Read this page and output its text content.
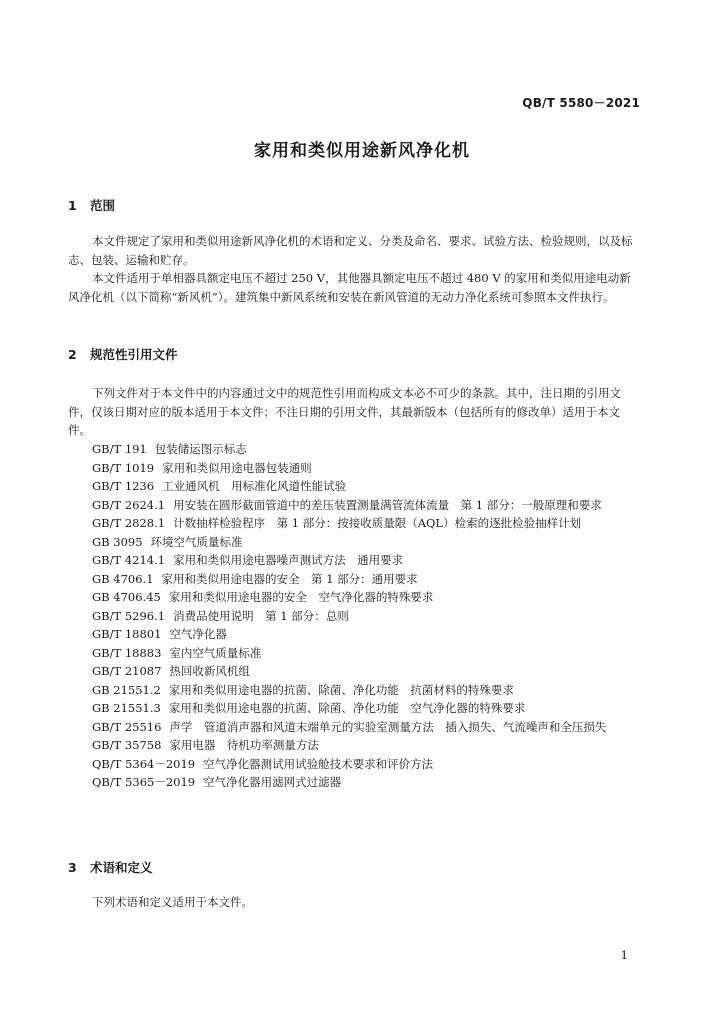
QB/T 5580－2021
家用和类似用途新风净化机
1 范围
本文件规定了家用和类似用途新风净化机的术语和定义、分类及命名、要求、试验方法、检验规则，以及标志、包装、运输和贮存。
本文件适用于单相器具额定电压不超过 250 V，其他器具额定电压不超过 480 V 的家用和类似用途电动新风净化机（以下简称“新风机”）。建筑集中新风系统和安装在新风管道的无动力净化系统可参照本文件执行。
2 规范性引用文件
下列文件对于本文件中的内容通过文中的规范性引用而构成文本必不可少的条款。其中，注日期的引用文件，仅该日期对应的版本适用于本文件；不注日期的引用文件，其最新版本（包括所有的修改单）适用于本文件。
GB/T 191 包装储运图示标志
GB/T 1019 家用和类似用途电器包装通则
GB/T 1236 工业通风机　用标准化风道性能试验
GB/T 2624.1 用安装在圆形截面管道中的差压装置测量满管流体流量　第 1 部分：一般原理和要求
GB/T 2828.1 计数抽样检验程序　第 1 部分：按接收质量限（AQL）检索的逐批检验抽样计划
GB 3095 环境空气质量标准
GB/T 4214.1 家用和类似用途电器噪声测试方法　通用要求
GB 4706.1 家用和类似用途电器的安全　第 1 部分：通用要求
GB 4706.45 家用和类似用途电器的安全　空气净化器的特殊要求
GB/T 5296.1 消费品使用说明　第 1 部分：总则
GB/T 18801 空气净化器
GB/T 18883 室内空气质量标准
GB/T 21087 热回收新风机组
GB 21551.2 家用和类似用途电器的抗菌、除菌、净化功能　抗菌材料的特殊要求
GB 21551.3 家用和类似用途电器的抗菌、除菌、净化功能　空气净化器的特殊要求
GB/T 25516 声学　管道消声器和风道末端单元的实验室测量方法　插入损失、气流噪声和全压损失
GB/T 35758 家用电器　待机功率测量方法
QB/T 5364－2019 空气净化器测试用试验舱技术要求和评价方法
QB/T 5365－2019 空气净化器用滤网式过滤器
3 术语和定义
下列术语和定义适用于本文件。
1
